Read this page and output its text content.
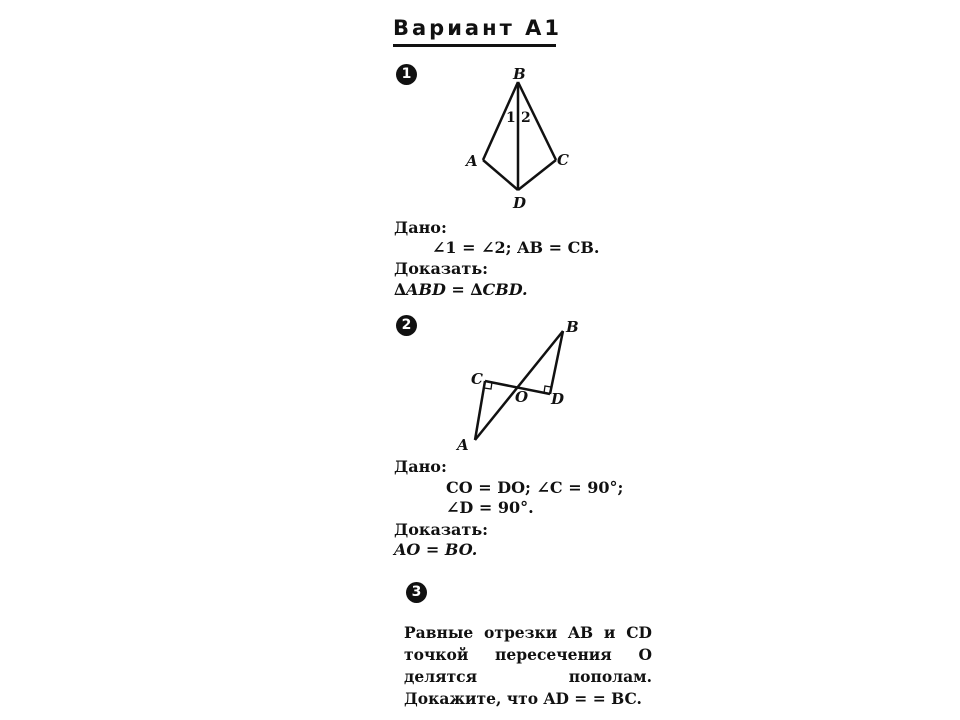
Вариант А1
1	B
A	C
D
1 2
Дано:
∠1 = ∠2; AB = CB.
Доказать:
∆ABD = ∆CBD.
2	B
C
O D
A
Дано:
CO = DO; ∠C = 90°;
∠D = 90°.
Доказать:
AO = BO.
3
Равные отрезки AB и CD точкой пересечения O делятся пополам. Докажите, что AD = = BC.
